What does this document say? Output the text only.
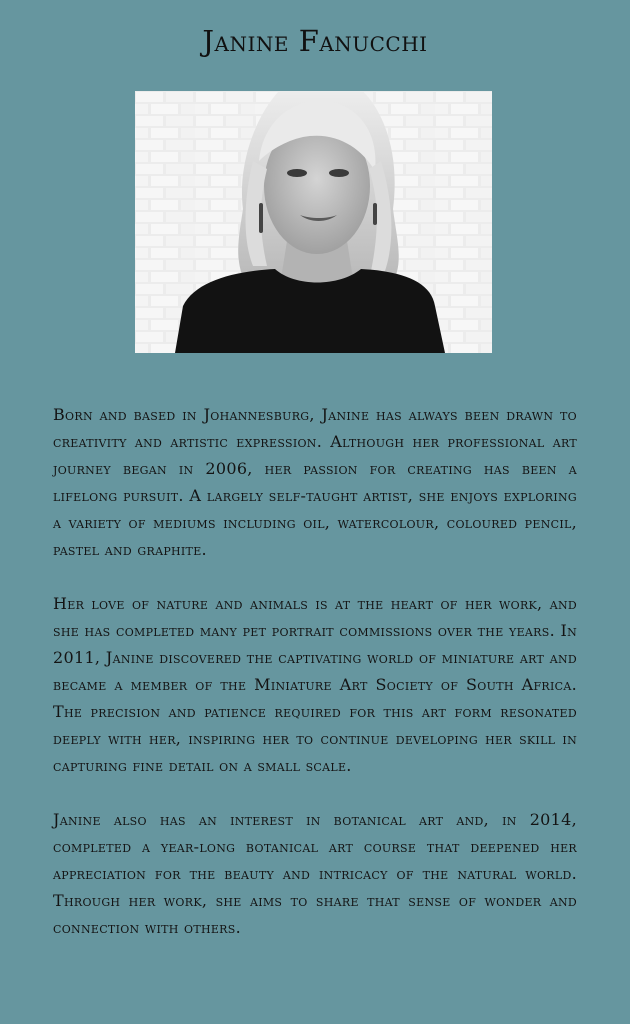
Janine Fanucchi

Born and based in Johannesburg, Janine has always been drawn to creativity and artistic expression. Although her professional art journey began in 2006, her passion for creating has been a lifelong pursuit. A largely self-taught artist, she enjoys exploring a variety of mediums including oil, watercolour, coloured pencil, pastel and graphite.

Her love of nature and animals is at the heart of her work, and she has completed many pet portrait commissions over the years. In 2011, Janine discovered the captivating world of miniature art and became a member of the Miniature Art Society of South Africa. The precision and patience required for this art form resonated deeply with her, inspiring her to continue developing her skill in capturing fine detail on a small scale.

Janine also has an interest in botanical art and, in 2014, completed a year-long botanical art course that deepened her appreciation for the beauty and intricacy of the natural world. Through her work, she aims to share that sense of wonder and connection with others.
